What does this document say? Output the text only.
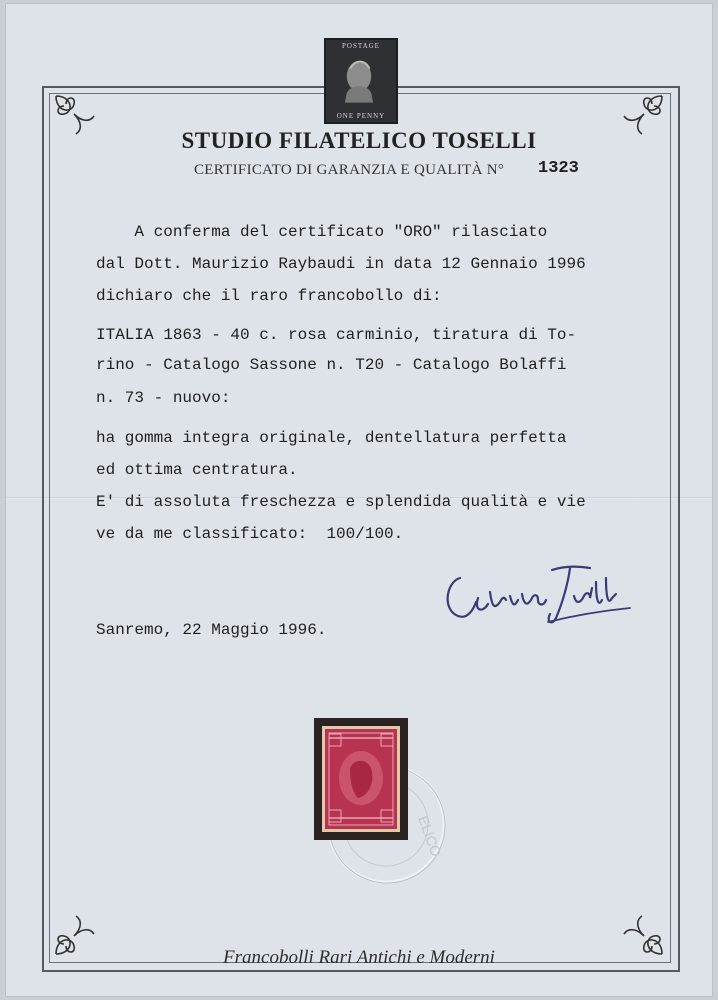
POSTAGE
ONE PENNY
STUDIO FILATELICO TOSELLI
CERTIFICATO DI GARANZIA E QUALITÀ N° 1323
A conferma del certificato "ORO" rilasciato
dal Dott. Maurizio Raybaudi in data 12 Gennaio 1996
dichiaro che il raro francobollo di:
ITALIA 1863 - 40 c. rosa carminio, tiratura di To-
rino - Catalogo Sassone n. T20 - Catalogo Bolaffi
n. 73 - nuovo:
ha gomma integra originale, dentellatura perfetta
ed ottima centratura.
E' di assoluta freschezza e splendida qualità e vie
ve da me classificato:  100/100.
Sanremo, 22 Maggio 1996.
ELICO
Francobolli Rari Antichi e Moderni
